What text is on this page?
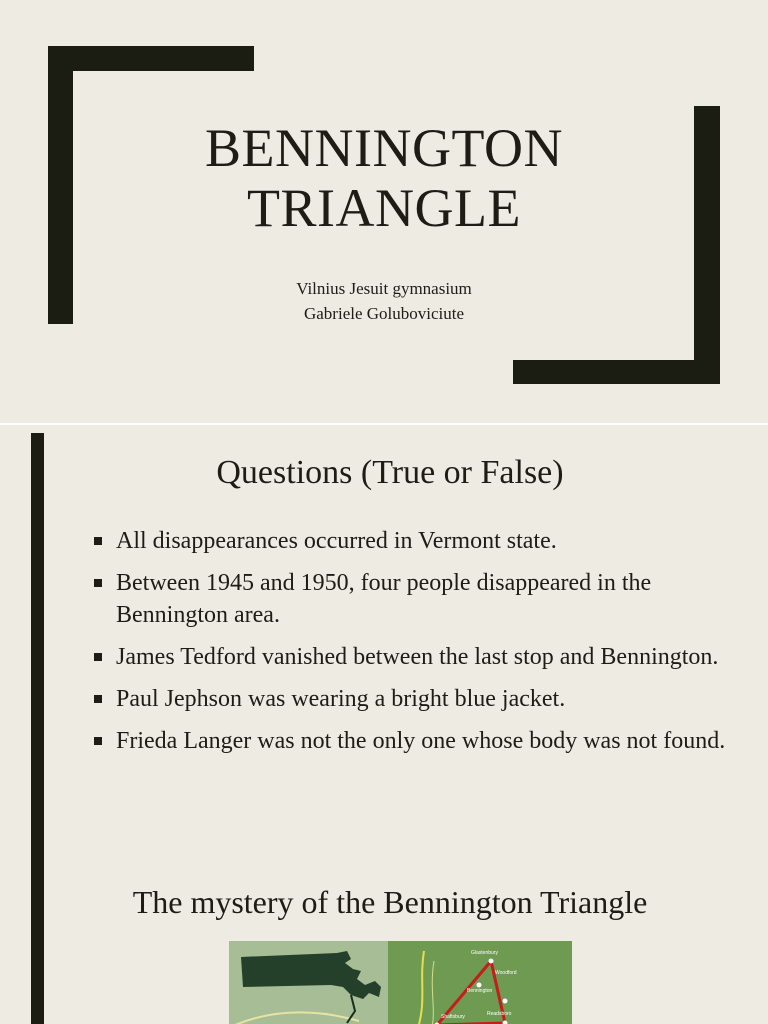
BENNINGTON
TRIANGLE
Vilnius Jesuit gymnasium
Gabriele Goluboviciute
Questions (True or False)
All disappearances occurred in Vermont state.
Between 1945 and 1950, four people disappeared in the Bennington area.
James Tedford vanished between the last stop and Bennington.
Paul Jephson was wearing a bright blue jacket.
Frieda Langer was not the only one whose body was not found.
The mystery of the Bennington Triangle
Glastenbury
Woodford
Bennington
Shaftsbury	Readsboro
